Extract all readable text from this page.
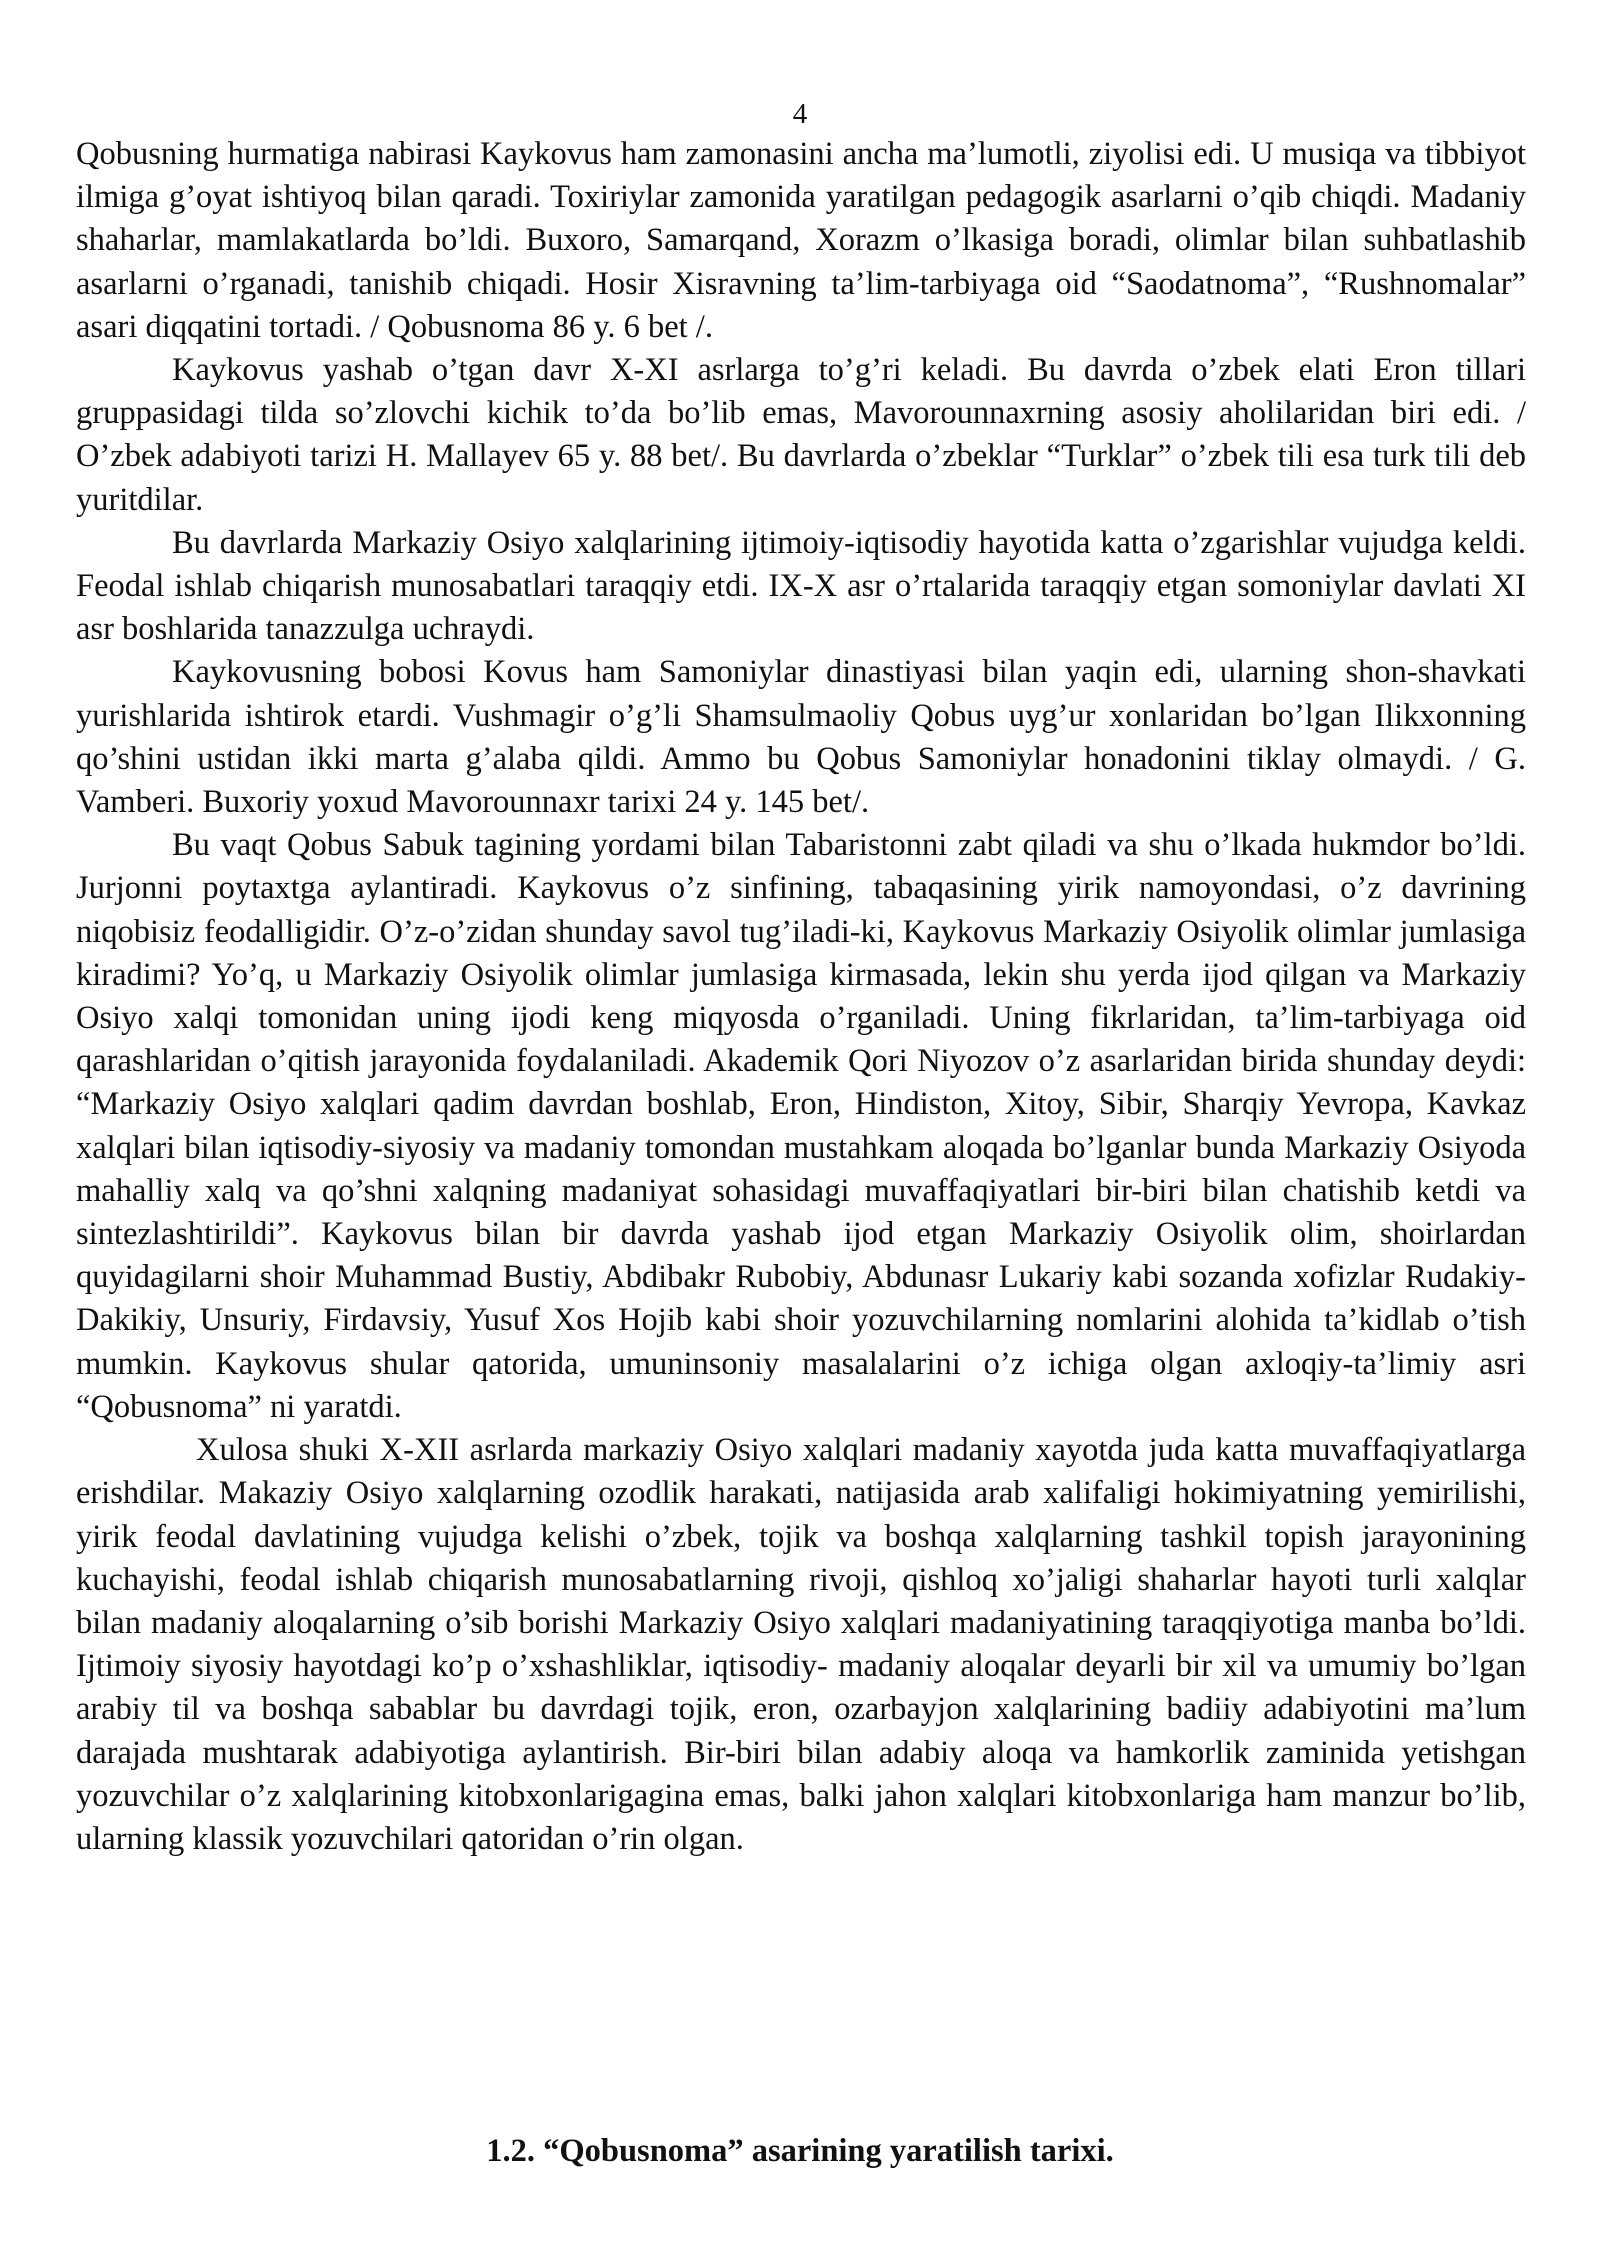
4

Qobusning hurmatiga nabirasi Kaykovus ham zamonasini ancha ma’lumotli, ziyolisi edi. U musiqa va tibbiyot ilmiga g’oyat ishtiyoq bilan qaradi. Toxiriylar zamonida yaratilgan pedagogik asarlarni o’qib chiqdi. Madaniy shaharlar, mamlakatlarda bo’ldi. Buxoro, Samarqand, Xorazm o’lkasiga boradi, olimlar bilan suhbatlashib asarlarni o’rganadi, tanishib chiqadi. Hosir Xisravning ta’lim-tarbiyaga oid “Saodatnoma”, “Rushnomalar” asari diqqatini tortadi. / Qobusnoma 86 y. 6 bet /.

Kaykovus yashab o’tgan davr X-XI asrlarga to’g’ri keladi. Bu davrda o’zbek elati Eron tillari gruppasidagi tilda so’zlovchi kichik to’da bo’lib emas, Mavorounnaxrning asosiy aholilaridan biri edi. / O’zbek adabiyoti tarizi H. Mallayev 65 y. 88 bet/. Bu davrlarda o’zbeklar “Turklar” o’zbek tili esa turk tili deb yuritdilar.

Bu davrlarda Markaziy Osiyo xalqlarining ijtimoiy-iqtisodiy hayotida katta o’zgarishlar vujudga keldi. Feodal ishlab chiqarish munosabatlari taraqqiy etdi. IX-X asr o’rtalarida taraqqiy etgan somoniylar davlati XI asr boshlarida tanazzulga uchraydi.

Kaykovusning bobosi Kovus ham Samoniylar dinastiyasi bilan yaqin edi, ularning shon-shavkati yurishlarida ishtirok etardi. Vushmagir o’g’li Shamsulmaoliy Qobus uyg’ur xonlaridan bo’lgan Ilikxonning qo’shini ustidan ikki marta g’alaba qildi. Ammo bu Qobus Samoniylar honadonini tiklay olmaydi. / G. Vamberi. Buxoriy yoxud Mavorounnaxr tarixi 24 y. 145 bet/.

Bu vaqt Qobus Sabuk tagining yordami bilan Tabaristonni zabt qiladi va shu o’lkada hukmdor bo’ldi. Jurjonni poytaxtga aylantiradi. Kaykovus o’z sinfining, tabaqasining yirik namoyondasi, o’z davrining niqobisiz feodalligidir. O’z-o’zidan shunday savol tug’iladi-ki, Kaykovus Markaziy Osiyolik olimlar jumlasiga kiradimi? Yo’q, u Markaziy Osiyolik olimlar jumlasiga kirmasada, lekin shu yerda ijod qilgan va Markaziy Osiyo xalqi tomonidan uning ijodi keng miqyosda o’rganiladi. Uning fikrlaridan, ta’lim-tarbiyaga oid qarashlaridan o’qitish jarayonida foydalaniladi. Akademik Qori Niyozov o’z asarlaridan birida shunday deydi: “Markaziy Osiyo xalqlari qadim davrdan boshlab, Eron, Hindiston, Xitoy, Sibir, Sharqiy Yevropa, Kavkaz xalqlari bilan iqtisodiy-siyosiy va madaniy tomondan mustahkam aloqada bo’lganlar bunda Markaziy Osiyoda mahalliy xalq va qo’shni xalqning madaniyat sohasidagi muvaffaqiyatlari bir-biri bilan chatishib ketdi va sintezlashtirildi”. Kaykovus bilan bir davrda yashab ijod etgan Markaziy Osiyolik olim, shoirlardan quyidagilarni shoir Muhammad Bustiy, Abdibakr Rubobiy, Abdunasr Lukariy kabi sozanda xofizlar Rudakiy-Dakikiy, Unsuriy, Firdavsiy, Yusuf Xos Hojib kabi shoir yozuvchilarning nomlarini alohida ta’kidlab o’tish mumkin. Kaykovus shular qatorida, umuninsoniy masalalarini o’z ichiga olgan axloqiy-ta’limiy asri “Qobusnoma” ni yaratdi.

Xulosa shuki X-XII asrlarda markaziy Osiyo xalqlari madaniy xayotda juda katta muvaffaqiyatlarga erishdilar. Makaziy Osiyo xalqlarning ozodlik harakati, natijasida arab xalifaligi hokimiyatning yemirilishi, yirik feodal davlatining vujudga kelishi o’zbek, tojik va boshqa xalqlarning tashkil topish jarayonining kuchayishi, feodal ishlab chiqarish munosabatlarning rivoji, qishloq xo’jaligi shaharlar hayoti turli xalqlar bilan madaniy aloqalarning o’sib borishi Markaziy Osiyo xalqlari madaniyatining taraqqiyotiga manba bo’ldi. Ijtimoiy siyosiy hayotdagi ko’p o’xshashliklar, iqtisodiy- madaniy aloqalar deyarli bir xil va umumiy bo’lgan arabiy til va boshqa sabablar bu davrdagi tojik, eron, ozarbayjon xalqlarining badiiy adabiyotini ma’lum darajada mushtarak adabiyotiga aylantirish. Bir-biri bilan adabiy aloqa va hamkorlik zaminida yetishgan yozuvchilar o’z xalqlarining kitobxonlarigagina emas, balki jahon xalqlari kitobxonlariga ham manzur bo’lib, ularning klassik yozuvchilari qatoridan o’rin olgan.

1.2. “Qobusnoma” asarining yaratilish tarixi.
